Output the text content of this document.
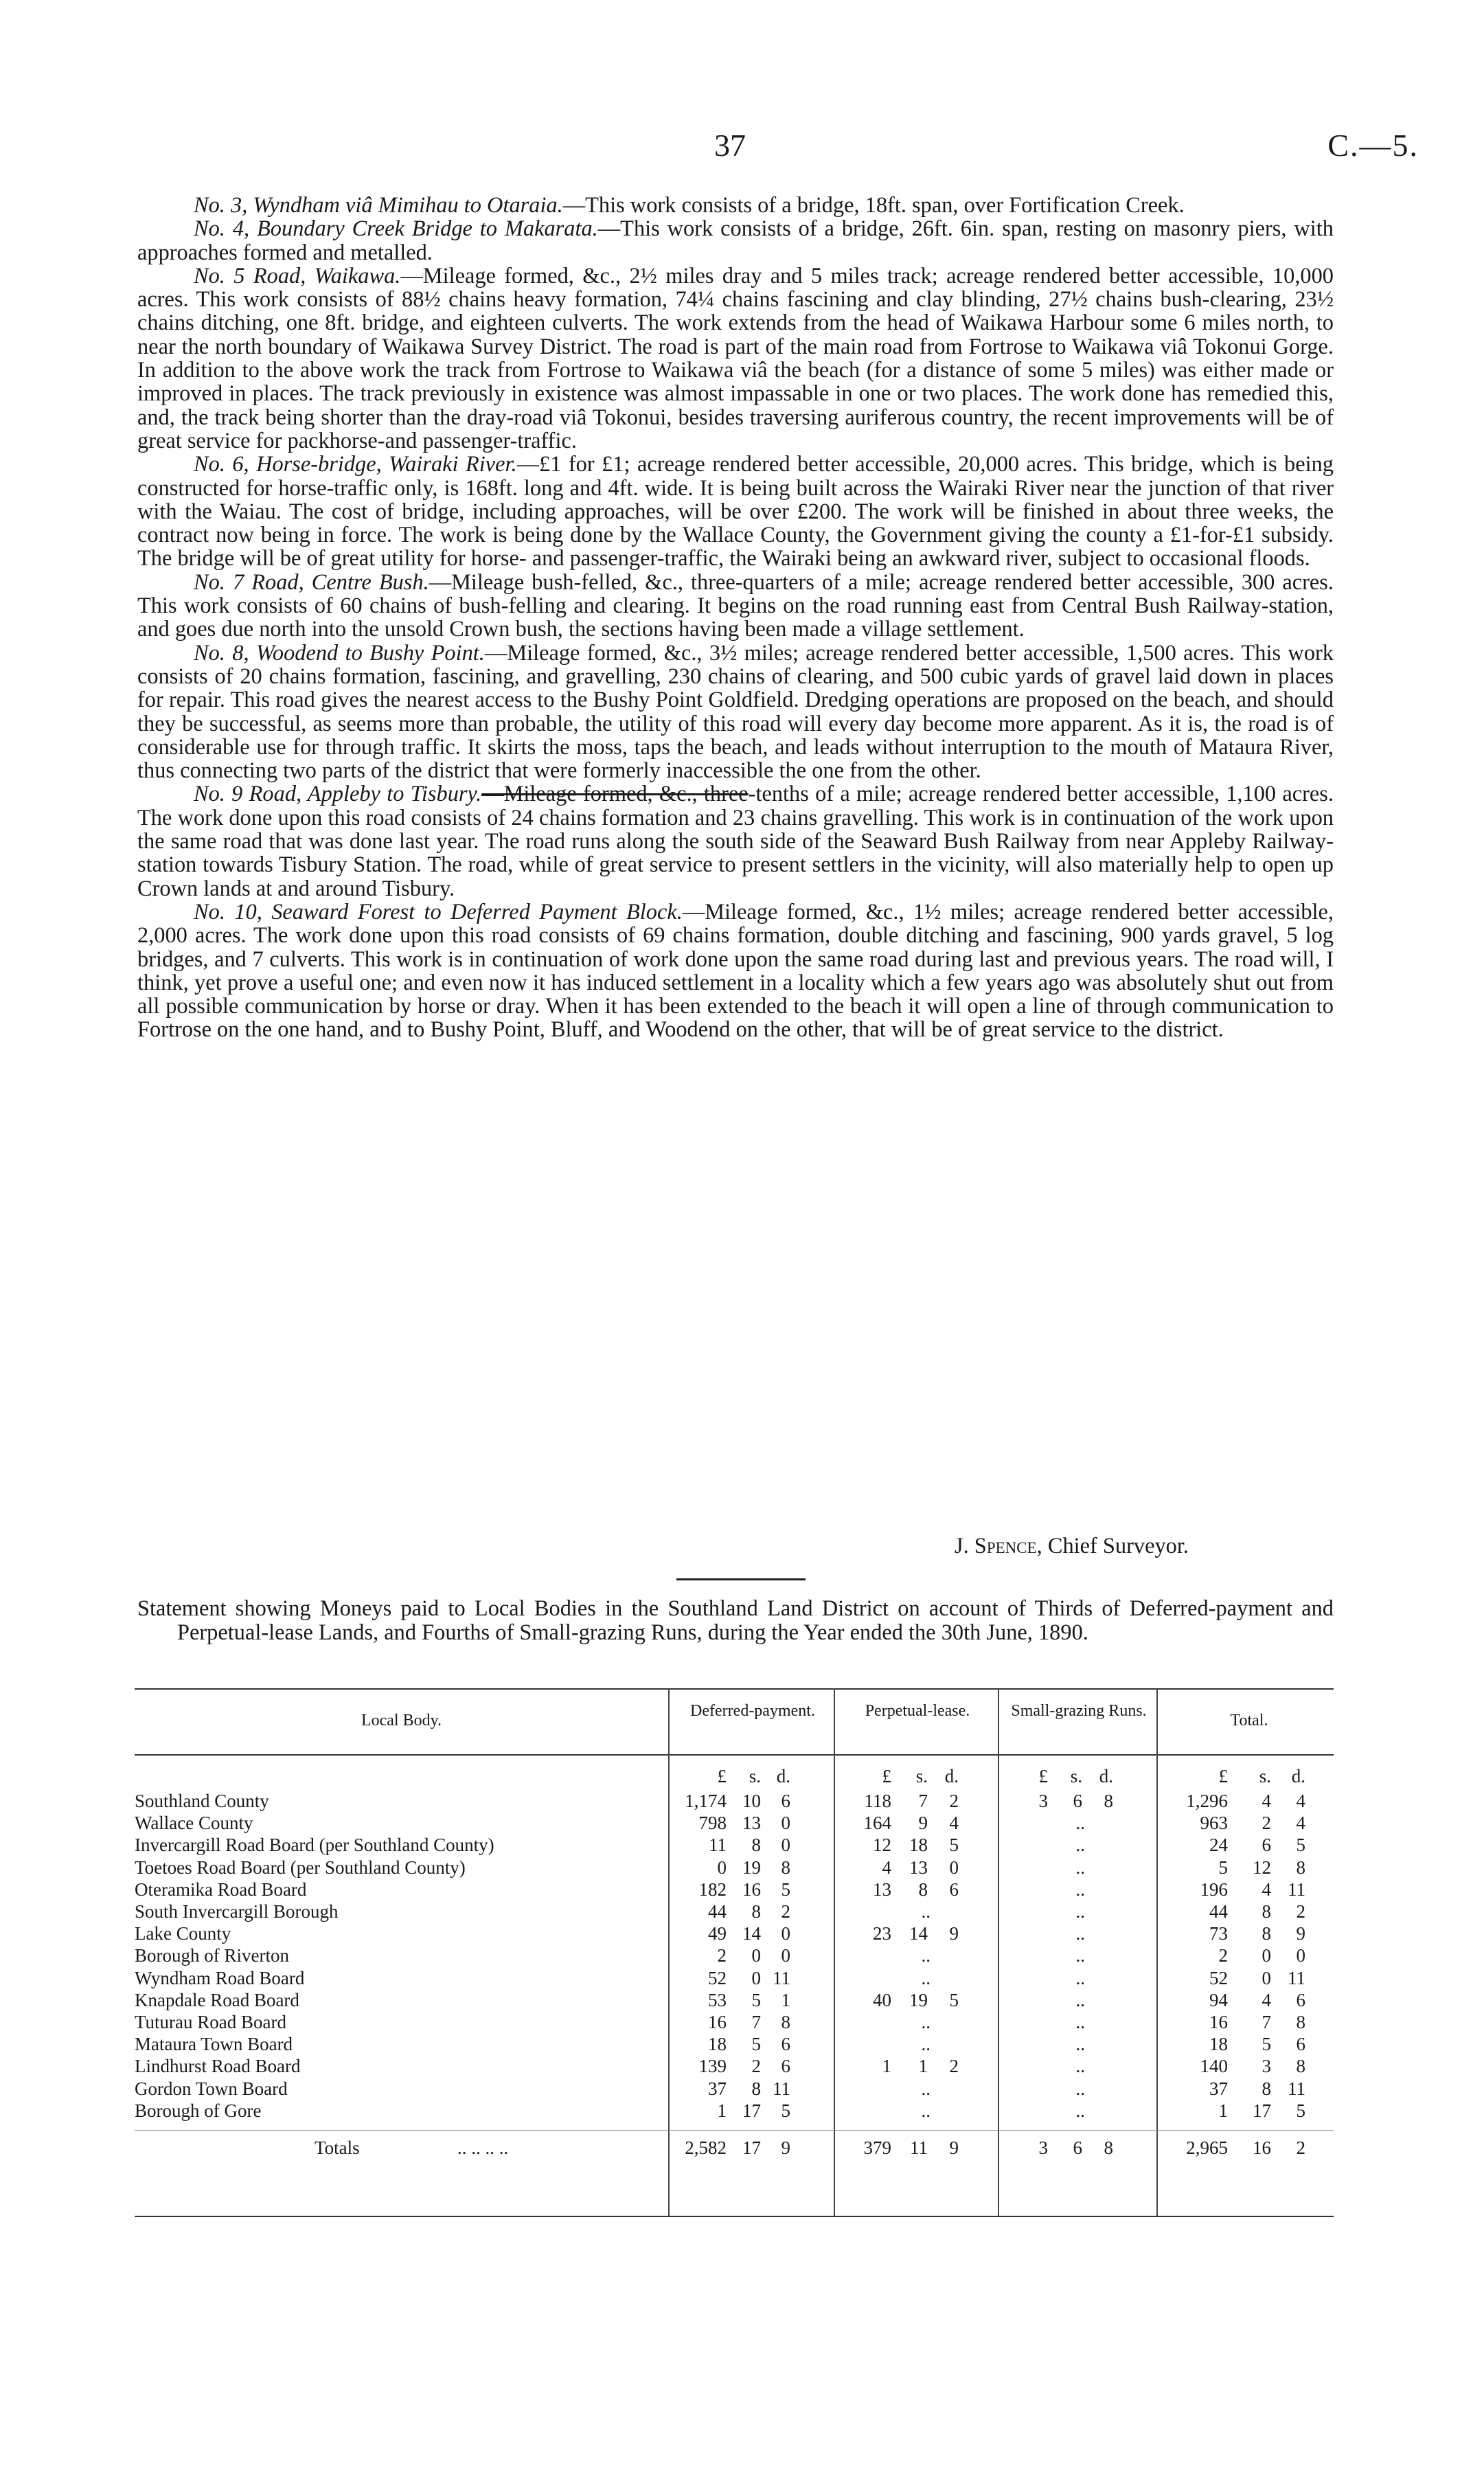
37	C.—5.

No. 3, Wyndham viâ Mimihau to Otaraia.—This work consists of a bridge, 18ft. span, over Fortification Creek.

No. 4, Boundary Creek Bridge to Makarata.—This work consists of a bridge, 26ft. 6in. span, resting on masonry piers, with approaches formed and metalled.

No. 5 Road, Waikawa.—Mileage formed, &c., 2½ miles dray and 5 miles track; acreage rendered better accessible, 10,000 acres. This work consists of 88½ chains heavy formation, 74¼ chains fascining and clay blinding, 27½ chains bush-clearing, 23½ chains ditching, one 8ft. bridge, and eighteen culverts. The work extends from the head of Waikawa Harbour some 6 miles north, to near the north boundary of Waikawa Survey District. The road is part of the main road from Fortrose to Waikawa viâ Tokonui Gorge. In addition to the above work the track from Fortrose to Waikawa viâ the beach (for a distance of some 5 miles) was either made or improved in places. The track previously in existence was almost impassable in one or two places. The work done has remedied this, and, the track being shorter than the dray-road viâ Tokonui, besides traversing auriferous country, the recent improvements will be of great service for packhorse-and passenger-traffic.

No. 6, Horse-bridge, Wairaki River.—£1 for £1; acreage rendered better accessible, 20,000 acres. This bridge, which is being constructed for horse-traffic only, is 168ft. long and 4ft. wide. It is being built across the Wairaki River near the junction of that river with the Waiau. The cost of bridge, including approaches, will be over £200. The work will be finished in about three weeks, the contract now being in force. The work is being done by the Wallace County, the Government giving the county a £1-for-£1 subsidy. The bridge will be of great utility for horse- and passenger-traffic, the Wairaki being an awkward river, subject to occasional floods.

No. 7 Road, Centre Bush.—Mileage bush-felled, &c., three-quarters of a mile; acreage rendered better accessible, 300 acres. This work consists of 60 chains of bush-felling and clearing. It begins on the road running east from Central Bush Railway-station, and goes due north into the unsold Crown bush, the sections having been made a village settlement.

No. 8, Woodend to Bushy Point.—Mileage formed, &c., 3½ miles; acreage rendered better accessible, 1,500 acres. This work consists of 20 chains formation, fascining, and gravelling, 230 chains of clearing, and 500 cubic yards of gravel laid down in places for repair. This road gives the nearest access to the Bushy Point Goldfield. Dredging operations are proposed on the beach, and should they be successful, as seems more than probable, the utility of this road will every day become more apparent. As it is, the road is of considerable use for through traffic. It skirts the moss, taps the beach, and leads without interruption to the mouth of Mataura River, thus connecting two parts of the district that were formerly inaccessible the one from the other.

No. 9 Road, Appleby to Tisbury.—Mileage formed, &c., three-tenths of a mile; acreage rendered better accessible, 1,100 acres. The work done upon this road consists of 24 chains formation and 23 chains gravelling. This work is in continuation of the work upon the same road that was done last year. The road runs along the south side of the Seaward Bush Railway from near Appleby Railway-station towards Tisbury Station. The road, while of great service to present settlers in the vicinity, will also materially help to open up Crown lands at and around Tisbury.

No. 10, Seaward Forest to Deferred Payment Block.—Mileage formed, &c., 1½ miles; acreage rendered better accessible, 2,000 acres. The work done upon this road consists of 69 chains formation, double ditching and fascining, 900 yards gravel, 5 log bridges, and 7 culverts. This work is in continuation of work done upon the same road during last and previous years. The road will, I think, yet prove a useful one; and even now it has induced settlement in a locality which a few years ago was absolutely shut out from all possible communication by horse or dray. When it has been extended to the beach it will open a line of through communication to Fortrose on the one hand, and to Bushy Point, Bluff, and Woodend on the other, that will be of great service to the district.

J. Spence, Chief Surveyor.

Statement showing Moneys paid to Local Bodies in the Southland Land District on account of Thirds of Deferred-payment and Perpetual-lease Lands, and Fourths of Small-grazing Runs, during the Year ended the 30th June, 1890.

Local Body.
Deferred-payment.	Perpetual-lease.	Small-grazing Runs.
Total.
£ s. d.	£ s. d.	£ s. d.	£ s. d.
Southland County	1,174 10 6	118 7 2	3 6 8	1,296 4 4
Wallace County	798 13 0	164 9 4	..	963 2 4
Invercargill Road Board (per Southland County)	11 8 0	12 18 5	..	24 6 5
Toetoes Road Board (per Southland County)	0 19 8	4 13 0	..	5 12 8
Oteramika Road Board	182 16 5	13 8 6	..	196 4 11
South Invercargill Borough	44 8 2	..	..	44 8 2
Lake County	49 14 0	23 14 9	..	73 8 9
Borough of Riverton	2 0 0	..	..	2 0 0
Wyndham Road Board	52 0 11	..	..	52 0 11
Knapdale Road Board	53 5 1	40 19 5	..	94 4 6
Tuturau Road Board	16 7 8	..	..	16 7 8
Mataura Town Board	18 5 6	..	..	18 5 6
Lindhurst Road Board	139 2 6	1 1 2	..	140 3 8
Gordon Town Board	37 8 11	..	..	37 8 11
Borough of Gore	1 17 5	..	..	1 17 5
Totals	.. .. .. ..	2,582 17 9	379 11 9	3 6 8	2,965 16 2
